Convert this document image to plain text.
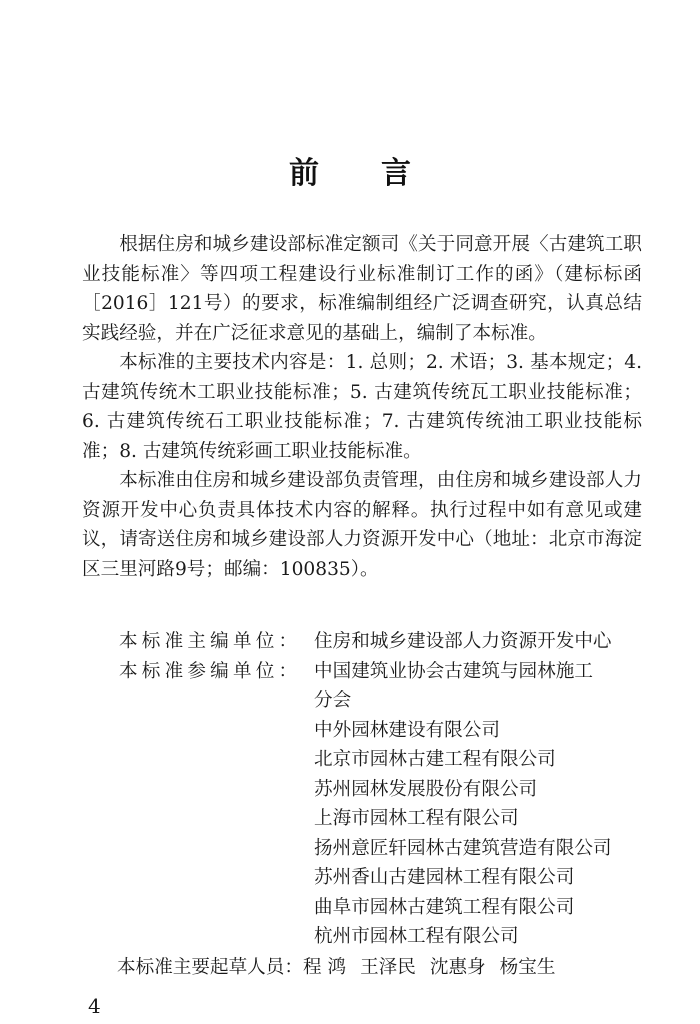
前 言

根据住房和城乡建设部标准定额司《关于同意开展〈古建筑工职业技能标准〉等四项工程建设行业标准制订工作的函》（建标标函［2016］121号）的要求，标准编制组经广泛调查研究，认真总结实践经验，并在广泛征求意见的基础上，编制了本标准。

本标准的主要技术内容是：1. 总则；2. 术语；3. 基本规定；4. 古建筑传统木工职业技能标准；5. 古建筑传统瓦工职业技能标准；6. 古建筑传统石工职业技能标准；7. 古建筑传统油工职业技能标准；8. 古建筑传统彩画工职业技能标准。

本标准由住房和城乡建设部负责管理，由住房和城乡建设部人力资源开发中心负责具体技术内容的解释。执行过程中如有意见或建议，请寄送住房和城乡建设部人力资源开发中心（地址：北京市海淀区三里河路9号；邮编：100835）。

本标准主编单位： 住房和城乡建设部人力资源开发中心
本标准参编单位： 中国建筑业协会古建筑与园林施工
分会
中外园林建设有限公司
北京市园林古建工程有限公司
苏州园林发展股份有限公司
上海市园林工程有限公司
扬州意匠轩园林古建筑营造有限公司
苏州香山古建园林工程有限公司
曲阜市园林古建筑工程有限公司
杭州市园林工程有限公司
本标准主要起草人员：程 鸿 王泽民 沈惠身 杨宝生
4
